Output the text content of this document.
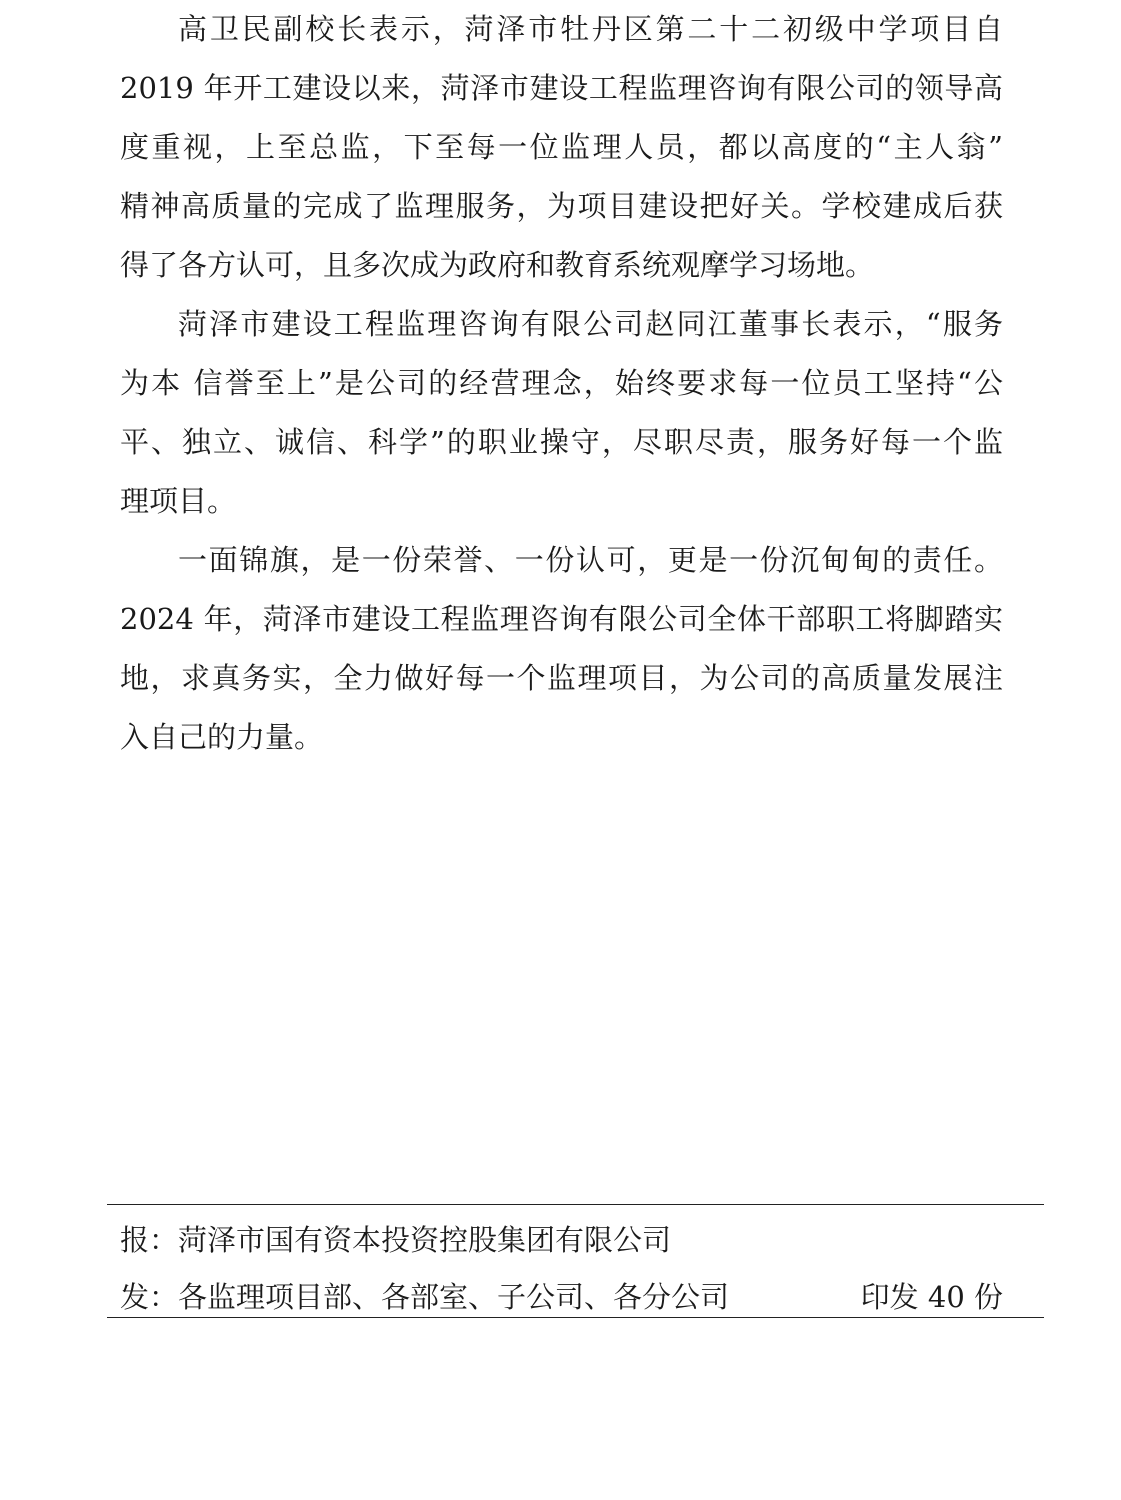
高卫民副校长表示，菏泽市牡丹区第二十二初级中学项目自
2019 年开工建设以来，菏泽市建设工程监理咨询有限公司的领导高
度重视，上至总监，下至每一位监理人员，都以高度的“主人翁”
精神高质量的完成了监理服务，为项目建设把好关。学校建成后获
得了各方认可，且多次成为政府和教育系统观摩学习场地。
菏泽市建设工程监理咨询有限公司赵同江董事长表示，“服务
为本 信誉至上”是公司的经营理念，始终要求每一位员工坚持“公
平、独立、诚信、科学”的职业操守，尽职尽责，服务好每一个监
理项目。
一面锦旗，是一份荣誉、一份认可，更是一份沉甸甸的责任。
2024 年，菏泽市建设工程监理咨询有限公司全体干部职工将脚踏实
地，求真务实，全力做好每一个监理项目，为公司的高质量发展注
入自己的力量。
报：菏泽市国有资本投资控股集团有限公司
发：各监理项目部、各部室、子公司、各分公司	印发 40 份
